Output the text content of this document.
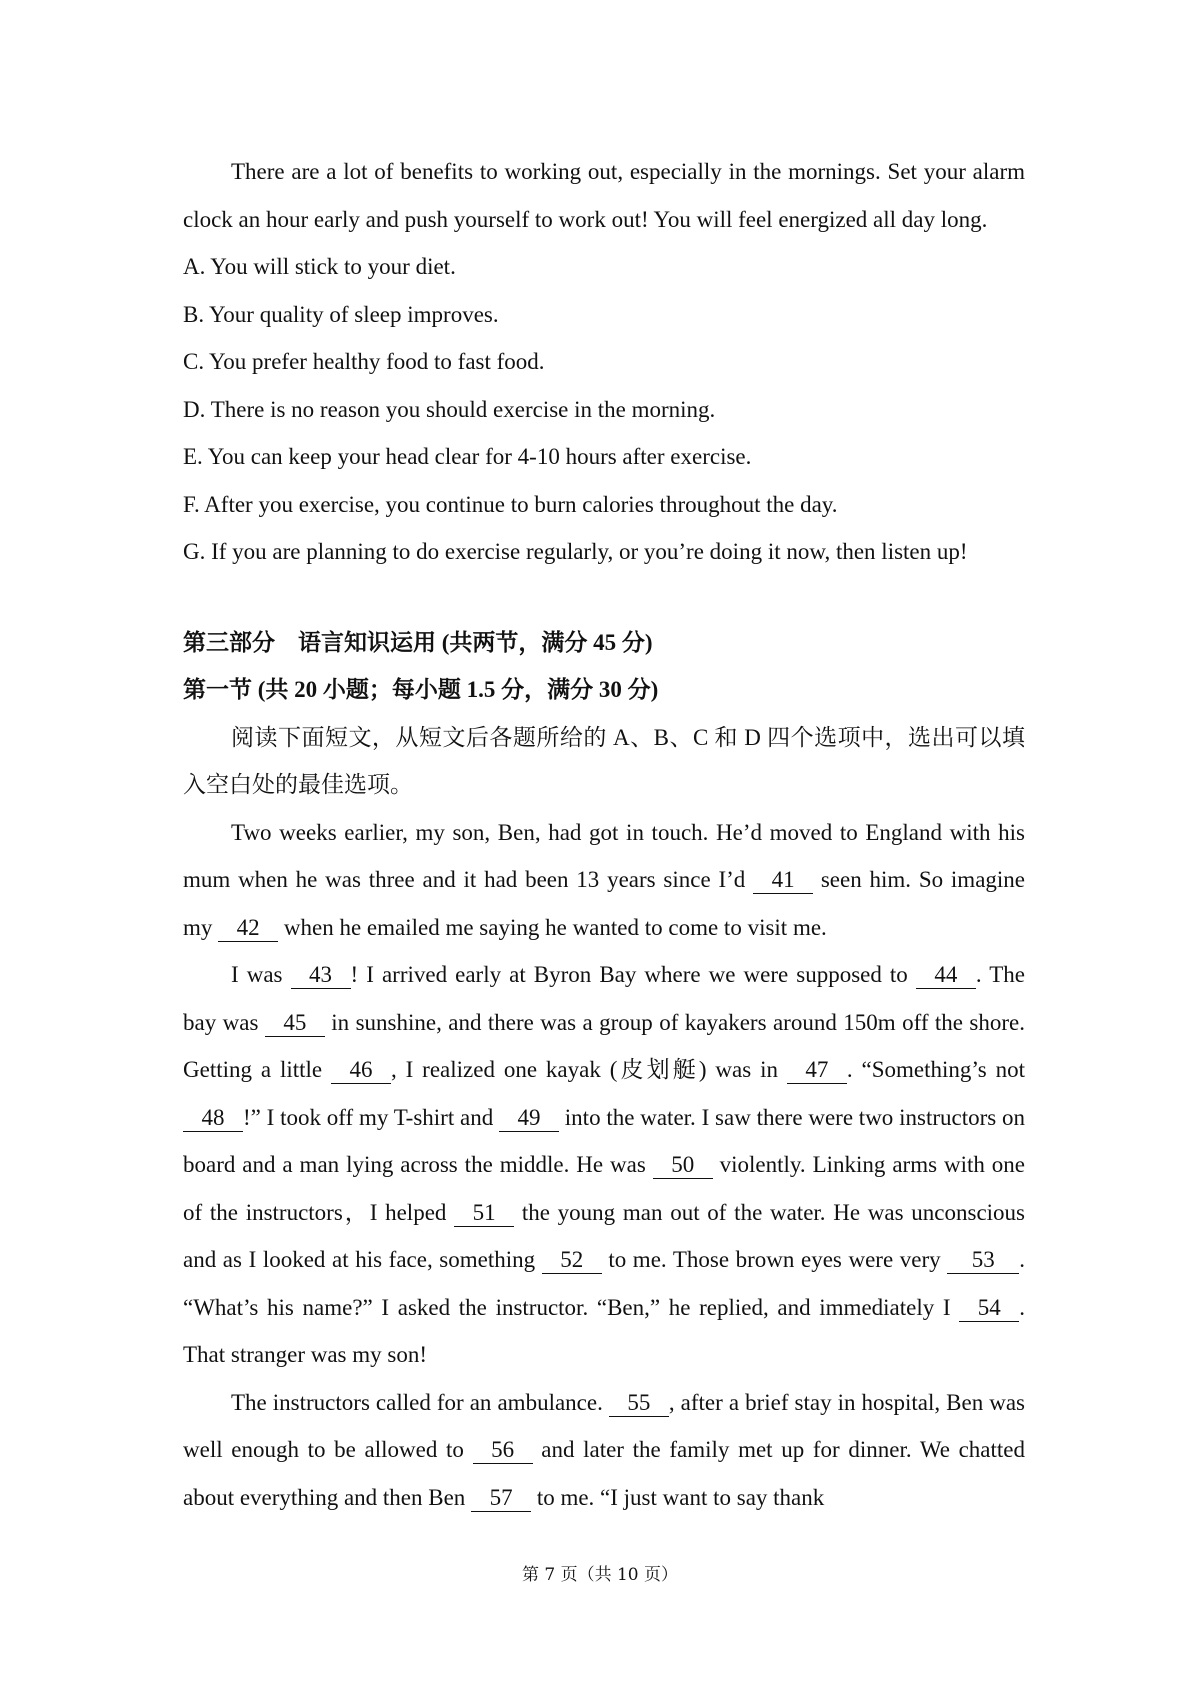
There are a lot of benefits to working out, especially in the mornings. Set your alarm clock an hour early and push yourself to work out! You will feel energized all day long.

A. You will stick to your diet.

B. Your quality of sleep improves.

C. You prefer healthy food to fast food.

D. There is no reason you should exercise in the morning.

E. You can keep your head clear for 4-10 hours after exercise.

F. After you exercise, you continue to burn calories throughout the day.

G. If you are planning to do exercise regularly, or you’re doing it now, then listen up!

第三部分　语言知识运用 (共两节，满分 45 分)

第一节 (共 20 小题；每小题 1.5 分，满分 30 分)

阅读下面短文，从短文后各题所给的 A、B、C 和 D 四个选项中，选出可以填入空白处的最佳选项。

Two weeks earlier, my son, Ben, had got in touch. He’d moved to England with his mum when he was three and it had been 13 years since I’d 41 seen him. So imagine my 42 when he emailed me saying he wanted to come to visit me.

I was 43 ! I arrived early at Byron Bay where we were supposed to 44 . The bay was 45 in sunshine, and there was a group of kayakers around 150m off the shore. Getting a little 46 , I realized one kayak (皮划艇) was in 47 . “Something’s not 48 !” I took off my T-shirt and 49 into the water. I saw there were two instructors on board and a man lying across the middle. He was 50 violently. Linking arms with one of the instructors，I helped 51 the young man out of the water. He was unconscious and as I looked at his face, something 52 to me. Those brown eyes were very 53 . “What’s his name?” I asked the instructor. “Ben,” he replied, and immediately I 54 . That stranger was my son!

The instructors called for an ambulance. 55 , after a brief stay in hospital, Ben was well enough to be allowed to 56 and later the family met up for dinner. We chatted about everything and then Ben 57 to me. “I just want to say thank

第 7 页（共 10 页）
